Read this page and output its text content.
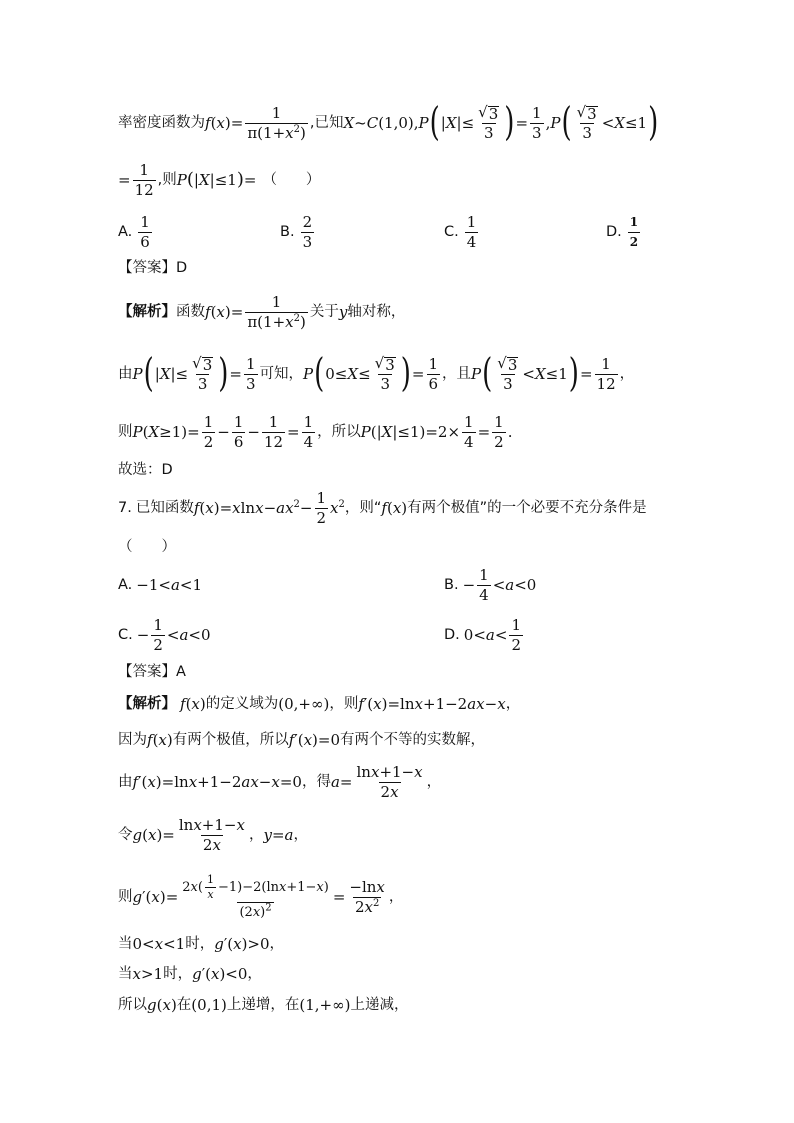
率密度函数为 $f(x)= \frac{1}{\pi(1+x^2)}$ ,已知 X~C(1,0) ,P ( $|X|\le \frac{√ 3}{3}$ ) = $\frac{1}{3} ,P$ ( $\frac{√ 3}{3} <X\le 1$ )
= $\frac{1}{12}$ ,则 P ( |X|≤1 ) = （　　）
A. $\frac{1}{6}$	B. $\frac{2}{3}$	C. $\frac{1}{4}$	D. $\frac{1}{2}$
【答案】D
【解析】 函数 $f(x)= \frac{1}{\pi(1+x^2)}$ 关于 y 轴对称，
由 P ( $|X|\le \frac{√ 3}{3}$ ) = $\frac{1}{3}$ 可知， P ( $0\le X\le \frac{√ 3}{3}$ ) = $\frac{1}{6}$ ，且 P ( $\frac{√ 3}{3} <X\le 1$ ) = $\frac{1}{12}$ ，
则 $P(X\ge 1)= \frac{1}{2} - \frac{1}{6} - \frac{1}{12} = \frac{1}{4}$ ，所以 $P(|X|\le 1)=2\times \frac{1}{4} = \frac{1}{2}$ .
故选：D
7. 已知函数 $f(x)=xlnx-ax^2- \frac{1}{2} x^2$ ，则“ f(x) 有两个极值”的一个必要不充分条件是
（　　）
A. −1<a<1	B. − $\frac{1}{4} <a<0$
C. − $\frac{1}{2} <a<0$	D. $0<a< \frac{1}{2}$
【答案】A
【解析】 f(x) 的定义域为 (0,+∞) ，则 f′(x)=lnx+1−2ax−x ，
因为 f(x) 有两个极值，所以 f′(x)=0 有两个不等的实数解，
由 f′(x)=lnx+1−2ax−x=0 ，得 $a = \frac{\ln x+1-x}{2x}$ ，
令 $g(x)= \frac{\ln x+1-x}{2x}$ ， y=a ，
则 $g'(x)= \frac{2 x ( \frac{1}{x} -1)-2(\ln x +1- x )}{(2x)^2} = \frac{-\ln x}{2x^2}$ ，
当 0<x<1 时， g′(x)>0 ，
当 x>1 时， g′(x)<0 ，
所以 g(x) 在 (0,1) 上递增，在 (1,+∞) 上递减，
